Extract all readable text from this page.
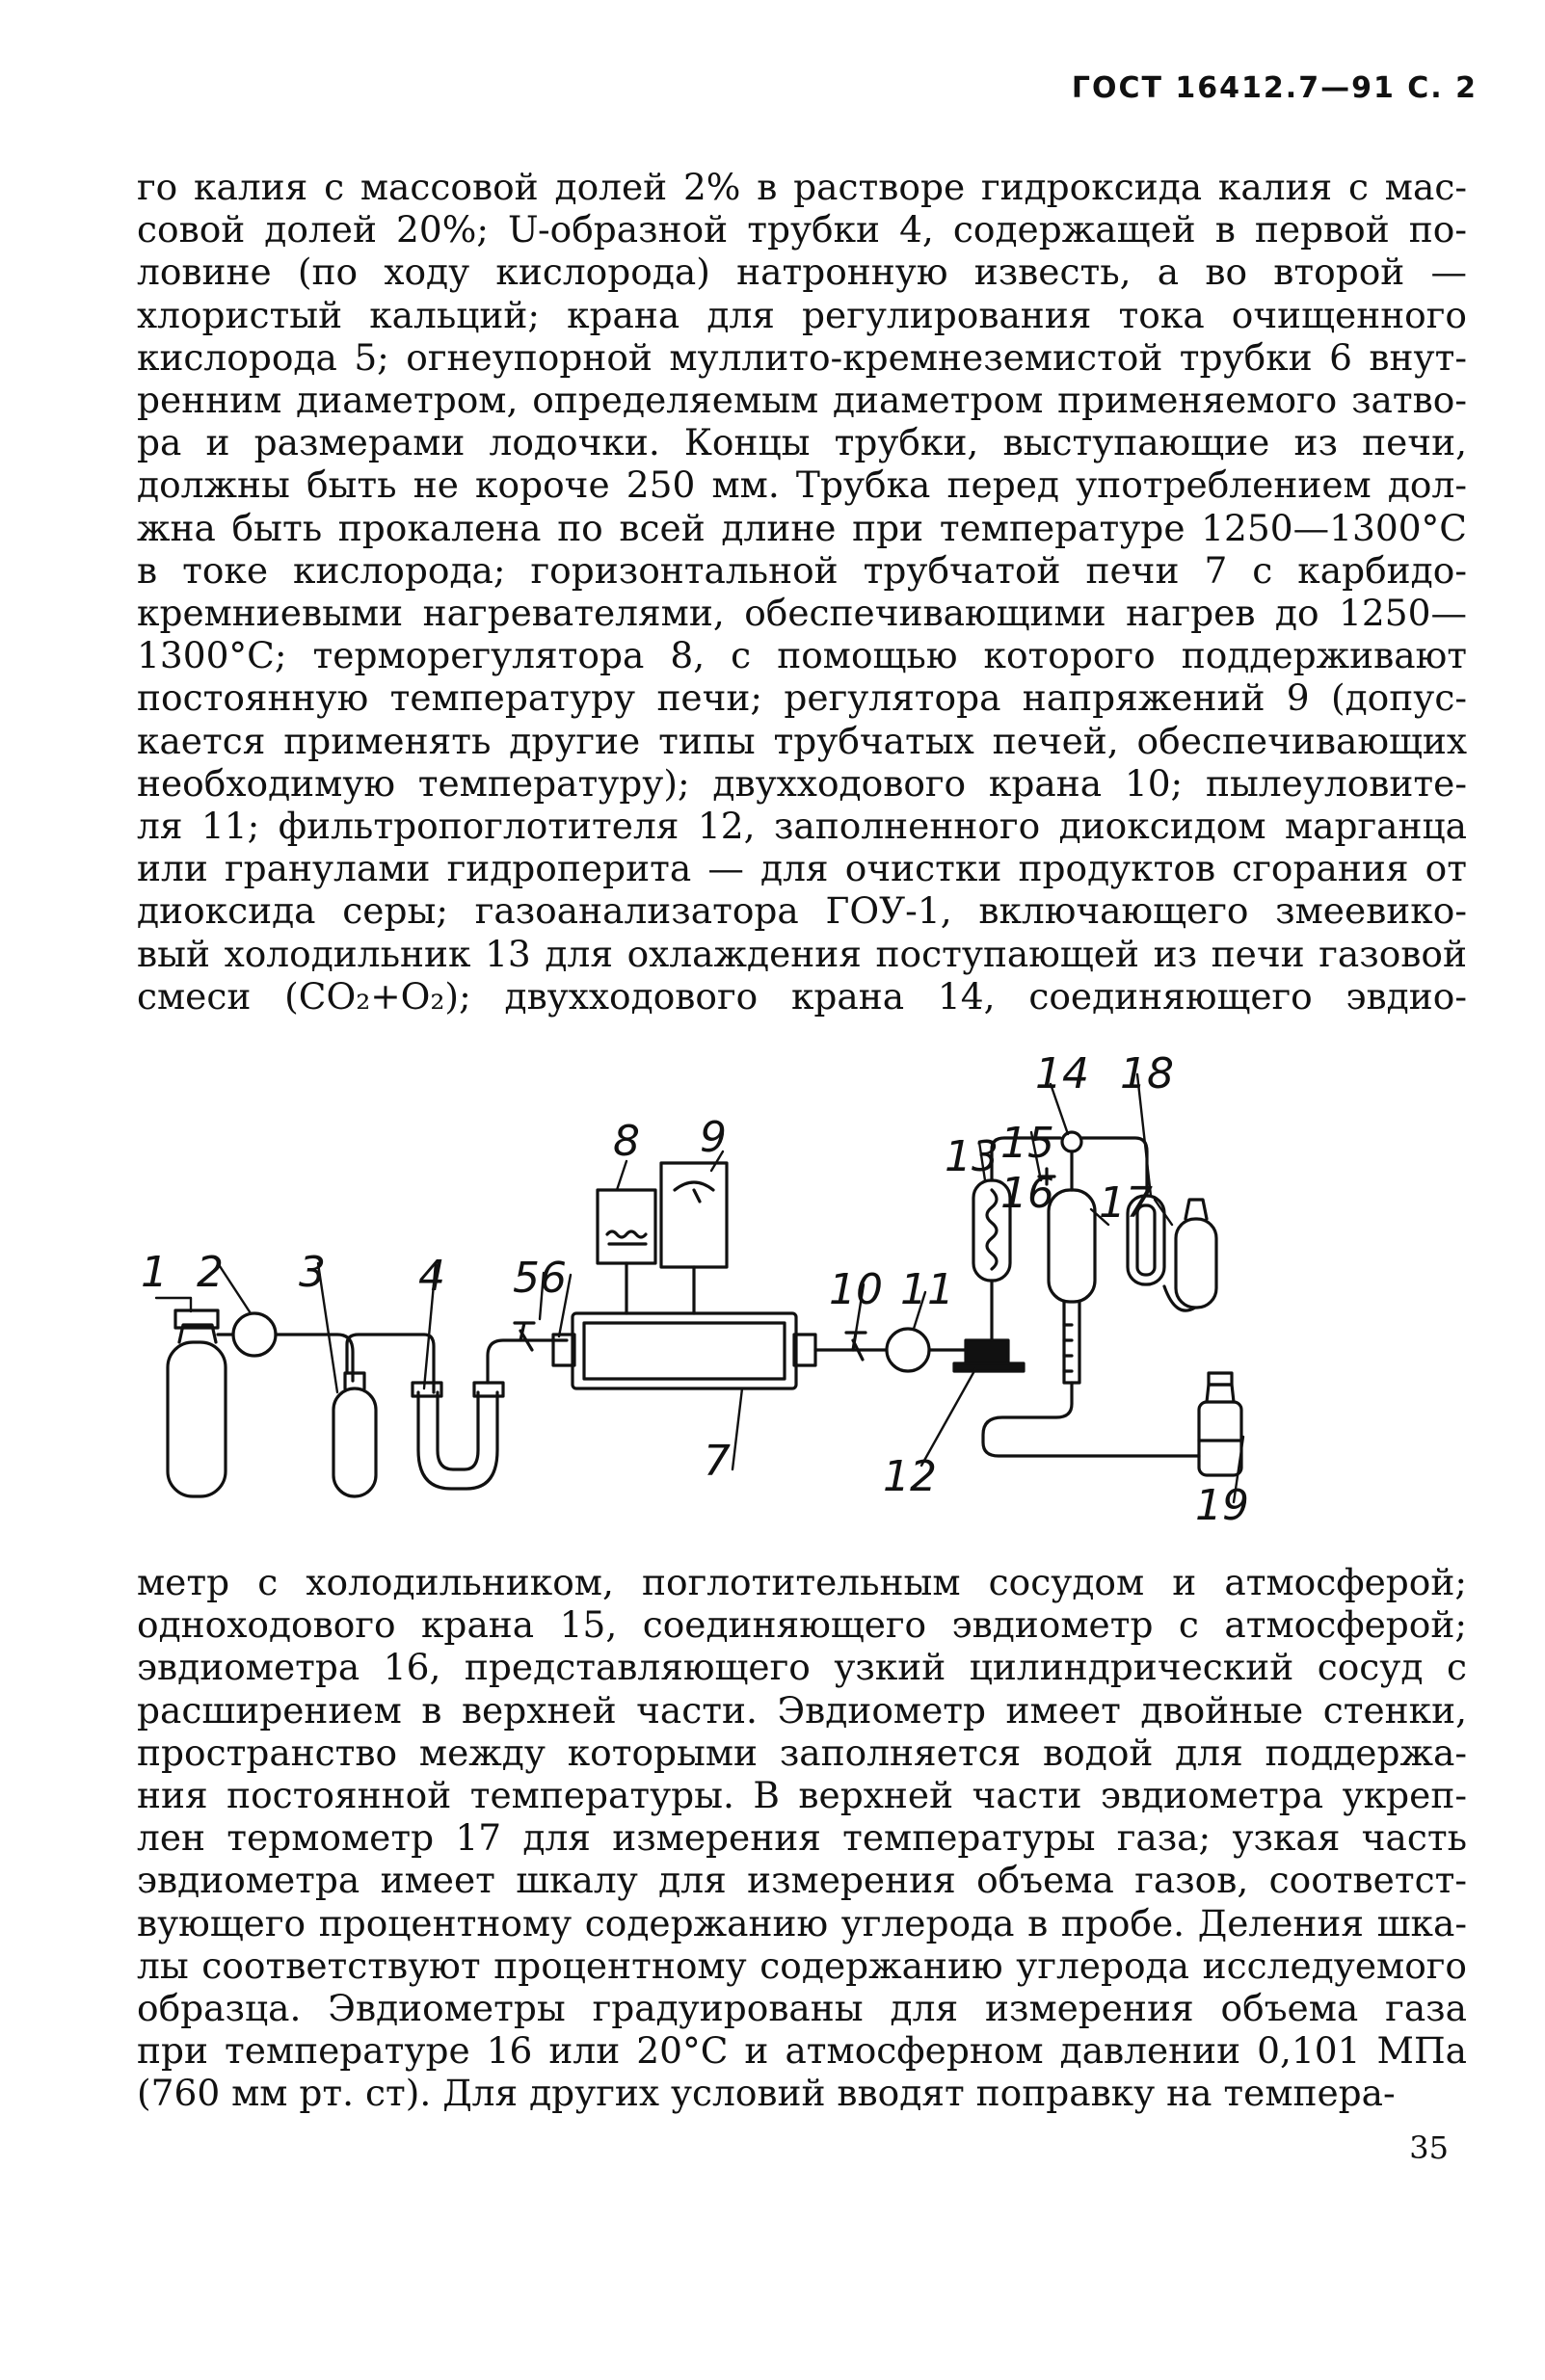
ГОСТ 16412.7—91 С. 2
го калия с массовой долей 2% в растворе гидроксида калия с мас-
совой долей 20%; U-образной трубки 4, содержащей в первой по-
ловине (по ходу кислорода) натронную известь, а во второй —
хлористый кальций; крана для регулирования тока очищенного
кислорода 5; огнеупорной муллито-кремнеземистой трубки 6 внут-
ренним диаметром, определяемым диаметром применяемого затво-
ра и размерами лодочки. Концы трубки, выступающие из печи,
должны быть не короче 250 мм. Трубка перед употреблением дол-
жна быть прокалена по всей длине при температуре 1250—1300°С
в токе кислорода; горизонтальной трубчатой печи 7 с карбидо-
кремниевыми нагревателями, обеспечивающими нагрев до 1250—
1300°С; терморегулятора 8, с помощью которого поддерживают
постоянную температуру печи; регулятора напряжений 9 (допус-
кается применять другие типы трубчатых печей, обеспечивающих
необходимую температуру); двухходового крана 10; пылеуловите-
ля 11; фильтропоглотителя 12, заполненного диоксидом марганца
или гранулами гидроперита — для очистки продуктов сгорания от
диоксида серы; газоанализатора ГОУ-1, включающего змеевико-
вый холодильник 13 для охлаждения поступающей из печи газовой
смеси (CO₂+O₂); двухходового крана 14, соединяющего эвдио-
1 2 3 4 5 6
7
8 9
10 11
12
13
14
15
16 17
18
19
метр с холодильником, поглотительным сосудом и атмосферой;
одноходового крана 15, соединяющего эвдиометр с атмосферой;
эвдиометра 16, представляющего узкий цилиндрический сосуд с
расширением в верхней части. Эвдиометр имеет двойные стенки,
пространство между которыми заполняется водой для поддержа-
ния постоянной температуры. В верхней части эвдиометра укреп-
лен термометр 17 для измерения температуры газа; узкая часть
эвдиометра имеет шкалу для измерения объема газов, соответст-
вующего процентному содержанию углерода в пробе. Деления шка-
лы соответствуют процентному содержанию углерода исследуемого
образца. Эвдиометры градуированы для измерения объема газа
при температуре 16 или 20°С и атмосферном давлении 0,101 МПа
(760 мм рт. ст). Для других условий вводят поправку на темпера-
35
